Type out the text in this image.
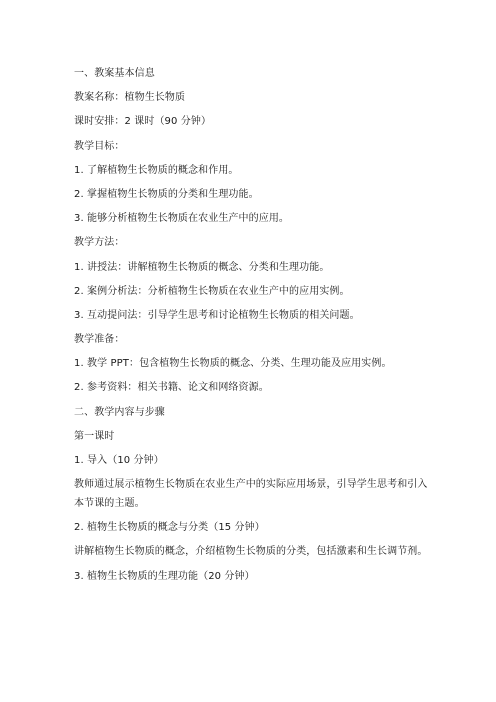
一、教案基本信息
教案名称：植物生长物质
课时安排：2 课时（90 分钟）
教学目标：
1. 了解植物生长物质的概念和作用。
2. 掌握植物生长物质的分类和生理功能。
3. 能够分析植物生长物质在农业生产中的应用。
教学方法：
1. 讲授法：讲解植物生长物质的概念、分类和生理功能。
2. 案例分析法：分析植物生长物质在农业生产中的应用实例。
3. 互动提问法：引导学生思考和讨论植物生长物质的相关问题。
教学准备：
1. 教学 PPT：包含植物生长物质的概念、分类、生理功能及应用实例。
2. 参考资料：相关书籍、论文和网络资源。
二、教学内容与步骤
第一课时
1. 导入（10 分钟）
教师通过展示植物生长物质在农业生产中的实际应用场景，引导学生思考和引入本节课的主题。
2. 植物生长物质的概念与分类（15 分钟）
讲解植物生长物质的概念，介绍植物生长物质的分类，包括激素和生长调节剂。
3. 植物生长物质的生理功能（20 分钟）
